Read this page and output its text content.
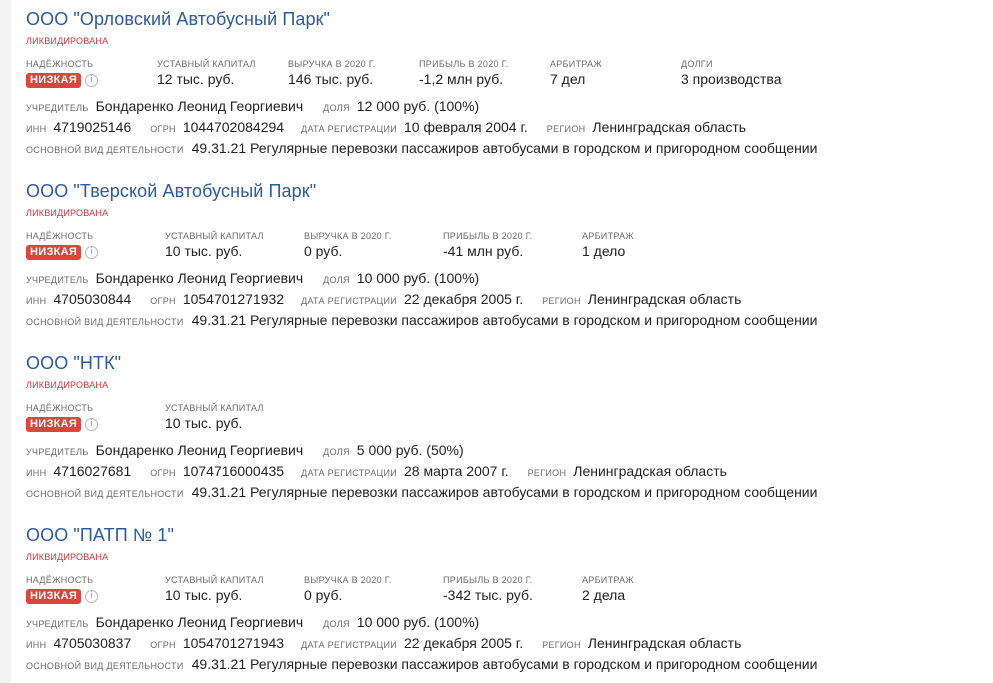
ООО "Орловский Автобусный Парк"
ЛИКВИДИРОВАНА
НАДЁЖНОСТЬ
НИЗКАЯ	i
УСТАВНЫЙ КАПИТАЛ
12 тыс. руб.
ВЫРУЧКА В 2020 Г.
146 тыс. руб.
ПРИБЫЛЬ В 2020 Г.
-1,2 млн руб.
АРБИТРАЖ
7 дел
ДОЛГИ
3 производства
УЧРЕДИТЕЛЬ Бондаренко Леонид Георгиевич ДОЛЯ 12 000 руб. (100%)
ИНН 4719025146 ОГРН 1044702084294 ДАТА РЕГИСТРАЦИИ 10 февраля 2004 г. РЕГИОН Ленинградская область
ОСНОВНОЙ ВИД ДЕЯТЕЛЬНОСТИ 49.31.21 Регулярные перевозки пассажиров автобусами в городском и пригородном сообщении
ООО "Тверской Автобусный Парк"
ЛИКВИДИРОВАНА
НАДЁЖНОСТЬ
НИЗКАЯ	i
УСТАВНЫЙ КАПИТАЛ
10 тыс. руб.
ВЫРУЧКА В 2020 Г.
0 руб.
ПРИБЫЛЬ В 2020 Г.
-41 млн руб.
АРБИТРАЖ
1 дело
УЧРЕДИТЕЛЬ Бондаренко Леонид Георгиевич ДОЛЯ 10 000 руб. (100%)
ИНН 4705030844 ОГРН 1054701271932 ДАТА РЕГИСТРАЦИИ 22 декабря 2005 г. РЕГИОН Ленинградская область
ОСНОВНОЙ ВИД ДЕЯТЕЛЬНОСТИ 49.31.21 Регулярные перевозки пассажиров автобусами в городском и пригородном сообщении
ООО "НТК"
ЛИКВИДИРОВАНА
НАДЁЖНОСТЬ
НИЗКАЯ	i
УСТАВНЫЙ КАПИТАЛ
10 тыс. руб.
УЧРЕДИТЕЛЬ Бондаренко Леонид Георгиевич ДОЛЯ 5 000 руб. (50%)
ИНН 4716027681 ОГРН 1074716000435 ДАТА РЕГИСТРАЦИИ 28 марта 2007 г. РЕГИОН Ленинградская область
ОСНОВНОЙ ВИД ДЕЯТЕЛЬНОСТИ 49.31.21 Регулярные перевозки пассажиров автобусами в городском и пригородном сообщении
ООО "ПАТП № 1"
ЛИКВИДИРОВАНА
НАДЁЖНОСТЬ
НИЗКАЯ	i
УСТАВНЫЙ КАПИТАЛ
10 тыс. руб.
ВЫРУЧКА В 2020 Г.
0 руб.
ПРИБЫЛЬ В 2020 Г.
-342 тыс. руб.
АРБИТРАЖ
2 дела
УЧРЕДИТЕЛЬ Бондаренко Леонид Георгиевич ДОЛЯ 10 000 руб. (100%)
ИНН 4705030837 ОГРН 1054701271943 ДАТА РЕГИСТРАЦИИ 22 декабря 2005 г. РЕГИОН Ленинградская область
ОСНОВНОЙ ВИД ДЕЯТЕЛЬНОСТИ 49.31.21 Регулярные перевозки пассажиров автобусами в городском и пригородном сообщении
